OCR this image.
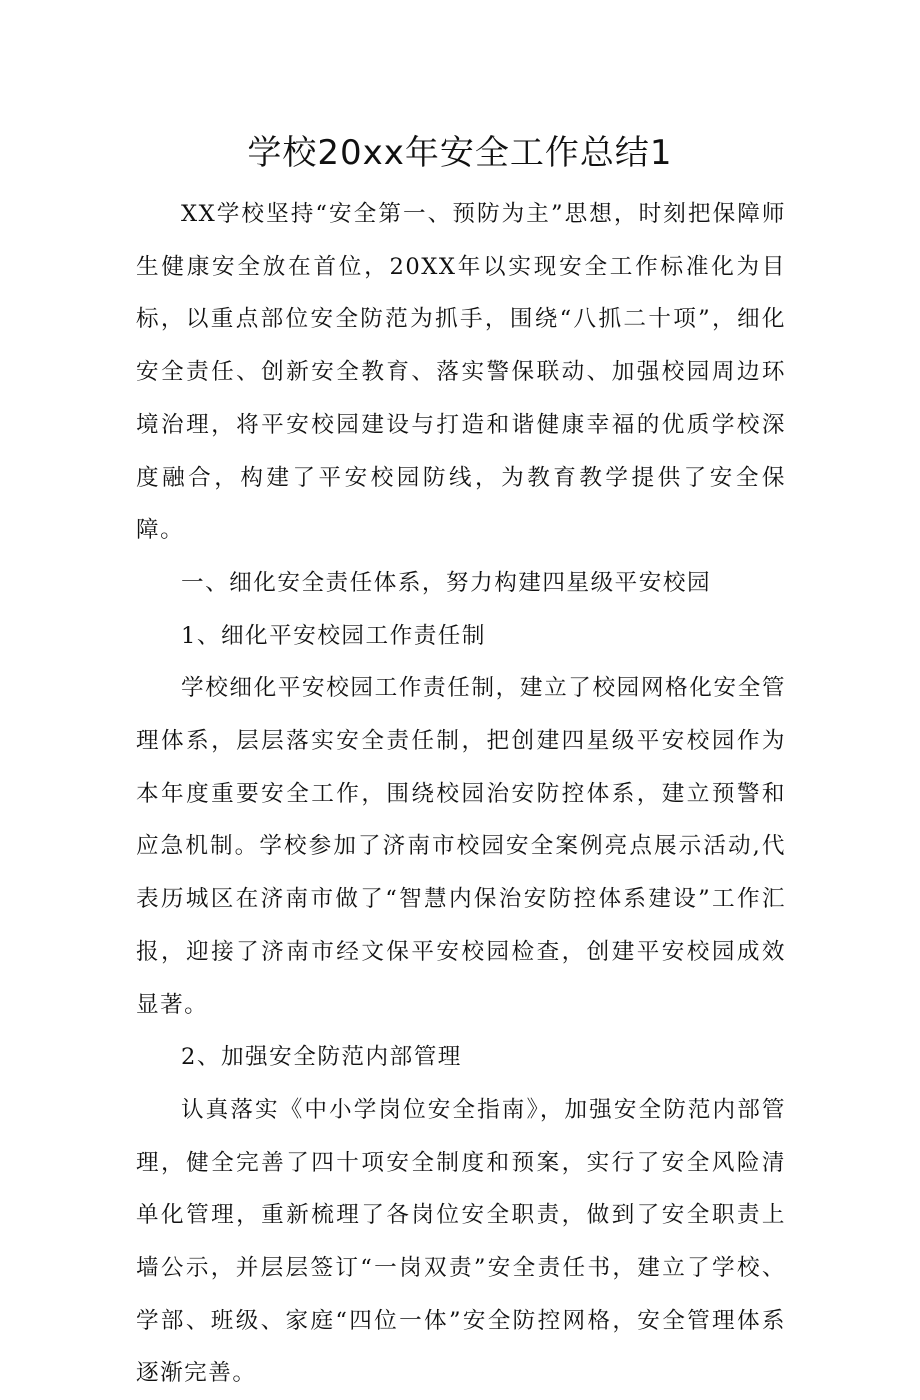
学校20xx年安全工作总结1

XX学校坚持“安全第一、预防为主”思想，时刻把保障师生健康安全放在首位，20XX年以实现安全工作标准化为目标，以重点部位安全防范为抓手，围绕“八抓二十项”，细化安全责任、创新安全教育、落实警保联动、加强校园周边环境治理，将平安校园建设与打造和谐健康幸福的优质学校深度融合，构建了平安校园防线，为教育教学提供了安全保障。

一、细化安全责任体系，努力构建四星级平安校园

1、细化平安校园工作责任制

学校细化平安校园工作责任制，建立了校园网格化安全管理体系，层层落实安全责任制，把创建四星级平安校园作为本年度重要安全工作，围绕校园治安防控体系，建立预警和应急机制。学校参加了济南市校园安全案例亮点展示活动,代表历城区在济南市做了“智慧内保治安防控体系建设”工作汇报，迎接了济南市经文保平安校园检查，创建平安校园成效显著。

2、加强安全防范内部管理

认真落实《中小学岗位安全指南》，加强安全防范内部管理，健全完善了四十项安全制度和预案，实行了安全风险清单化管理，重新梳理了各岗位安全职责，做到了安全职责上墙公示，并层层签订“一岗双责”安全责任书，建立了学校、学部、班级、家庭“四位一体”安全防控网格，安全管理体系逐渐完善。
